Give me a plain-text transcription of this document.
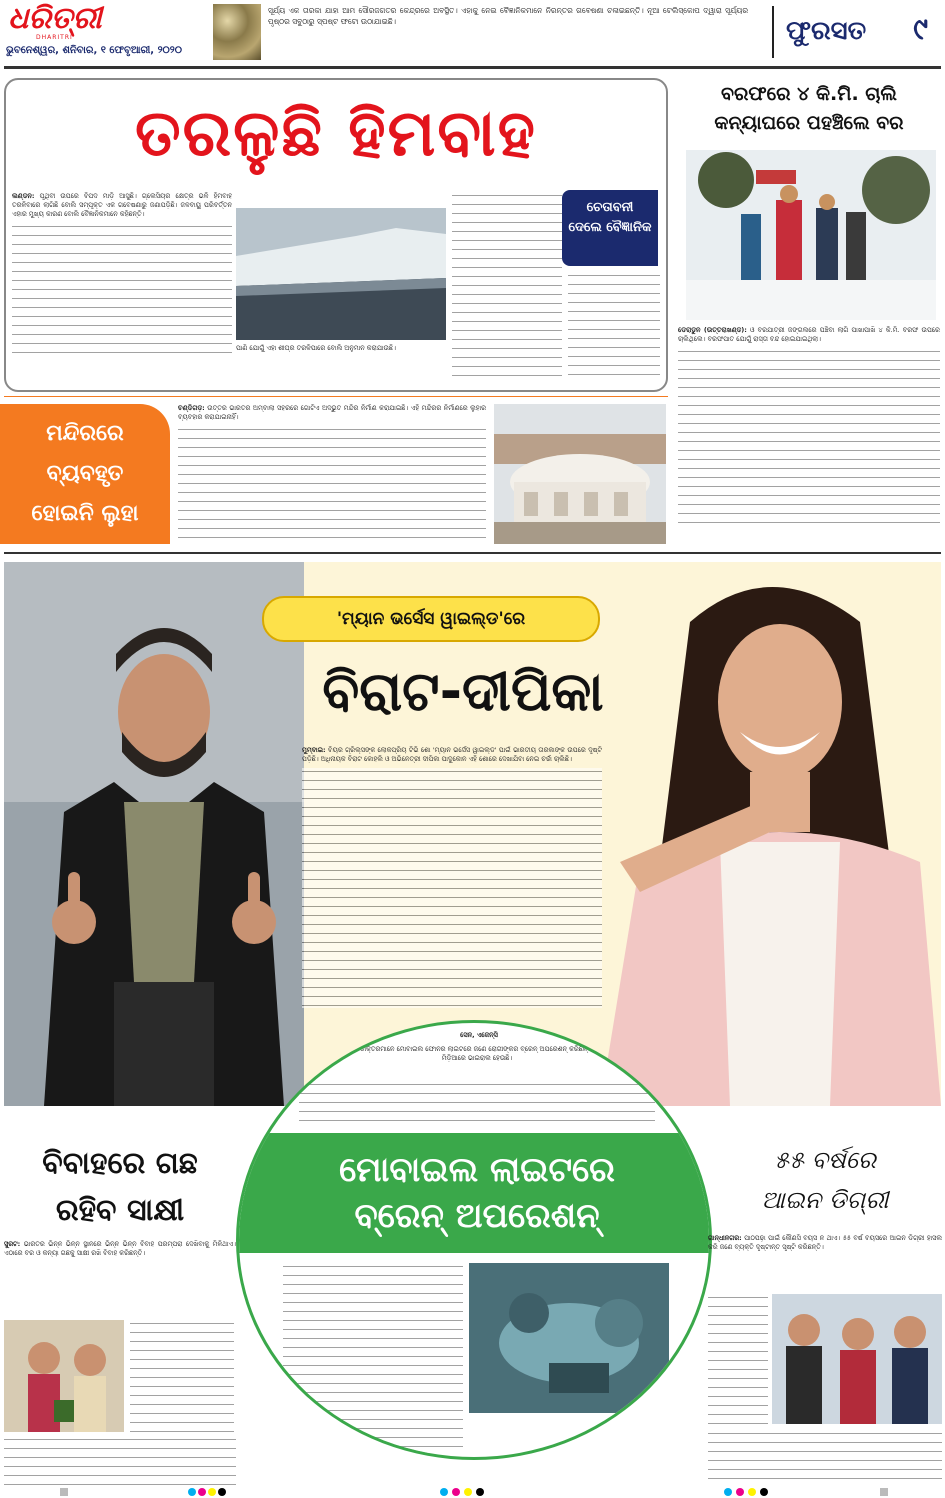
ଧରିତ୍ରୀ
DHARITRI
ଭୁବନେଶ୍ୱର, ଶନିବାର, ୧ ଫେବୃଆରୀ, ୨୦୨୦
ସୂର୍ଯ୍ୟ ଏକ ତାରକା ଯାହା ଆମ ସୌରଜଗତର କେନ୍ଦ୍ରରେ ଅବସ୍ଥିତ। ଏହାକୁ ନେଇ ବୈଜ୍ଞାନିକମାନେ ନିରନ୍ତର ଗବେଷଣା ଚଳାଇଛନ୍ତି। ନୂଆ ଟେଲିସ୍କୋପ ଦ୍ୱାରା ସୂର୍ଯ୍ୟର ପୃଷ୍ଠର ସବୁଠାରୁ ସ୍ପଷ୍ଟ ଫଟୋ ଉଠାଯାଇଛି।	ଫୁରସତ ୯
ତରଳୁଛି ହିମବାହ
ଲଣ୍ଡନ: ପୃଥିବୀ ଉପରେ ବିପଦ ମାଡ଼ି ଆସୁଛି। ଗ୍ଲେସିୟର କ୍ଷେତ୍ର ଭଳି ହିମବାହ ତରଳିବାରେ ଲାଗିଛି ବୋଲି ସମ୍ପୃକ୍ତ ଏକ ଗବେଷଣାରୁ ଜଣାପଡ଼ିଛି। ଜଳବାୟୁ ପରିବର୍ତ୍ତନ ଏହାର ମୁଖ୍ୟ କାରଣ ବୋଲି ବୈଜ୍ଞାନିକମାନେ କହିଛନ୍ତି।
ପାଣି ଯୋଗୁଁ ଏହା ଶୀଘ୍ର ତରଳିପାରେ ବୋଲି ଅନୁମାନ କରାଯାଉଛି।
ଚେତାବନୀ ଦେଲେ ବୈଜ୍ଞାନିକ
ବରଫରେ ୪ କି.ମି. ଚାଲି
କନ୍ୟାଘରେ ପହଞ୍ଚିଲେ ବର
ଡେରାଡୁନ (ଉତ୍ତରାଖଣ୍ଡ): ଓ ବରଯାତ୍ରୀ ଜଙ୍ଗଲରେ ପଞ୍ଚିବା ଲାଗି ପାଖାପାଖି ୪ କି.ମି. ବରଫ ଉପରେ ଚାଲିଥିଲେ। ବରଫପାତ ଯୋଗୁଁ ରାସ୍ତା ବନ୍ଦ ହୋଇଯାଇଥିଲା।
ମନ୍ଦିରରେ
ବ୍ୟବହୃତ
ହୋଇନି ଲୁହା
ଚଣ୍ଡିଗଡ଼: ଉତ୍ତର ଭାରତର ଅମ୍ବାଲା ସହରରେ ଗୋଟିଏ ଅଦ୍ଭୁତ ମନ୍ଦିର ନିର୍ମାଣ କରାଯାଇଛି। ଏହି ମନ୍ଦିରର ନିର୍ମାଣରେ ଲୁହାର ବ୍ୟବହାର କରାଯାଇନାହିଁ।
'ମ୍ୟାନ ଭର୍ସେସ ୱାଇଲ୍ଡ'ରେ
ବିରାଟ-ଦୀପିକା
ମୁମ୍ବାଇ: ବିୟର ଗ୍ରିଲ୍ସଙ୍କ ଲୋକପ୍ରିୟ ଟିଭି ଶୋ 'ମ୍ୟାନ ଭର୍ସେସ ୱାଇଲ୍ଡ' ପାଇଁ ଭାରତୀୟ ତାରକାଙ୍କ ଉପରେ ଦୃଷ୍ଟି ପଡ଼ିଛି। ଅଧିନାୟକ ବିରାଟ କୋହଲି ଓ ଅଭିନେତ୍ରୀ ଦୀପିକା ପାଦୁକୋନ ଏହି ଶୋରେ ଦେଖାଯିବା ନେଇ ଚର୍ଚ୍ଚା ଚାଲିଛି।
ସେନ, ଏଜେନ୍ସି
ବିଜୁଳି ଚାଲିଯିବା ପରେ ଡାକ୍ତରମାନେ ମୋବାଇଲ ଫୋନର ଲାଇଟରେ ଜଣେ ରୋଗୀଙ୍କର ବ୍ରେନ୍ ଅପରେଶନ୍ କରିଛନ୍ତି। ଏହି ଭିଡିଓ ସୋସିଆଲ ମିଡ଼ିଆରେ ଭାଇରାଲ ହେଉଛି।
ମୋବାଇଲ ଲାଇଟରେ
ବ୍ରେନ୍ ଅପରେଶନ୍
ବିବାହରେ ଗଛ
ରହିବ ସାକ୍ଷୀ
ସୁରଟ: ଭାରତର ଭିନ୍ନ ଭିନ୍ନ ସ୍ଥାନରେ ଭିନ୍ନ ଭିନ୍ନ ବିବାହ ପରମ୍ପରା ଦେଖିବାକୁ ମିଳିଥାଏ। ଏଠାରେ ବର ଓ କନ୍ୟା ଗଛକୁ ସାକ୍ଷୀ ରଖି ବିବାହ କରିଛନ୍ତି।
୫୫ ବର୍ଷରେ
ଆଇନ ଡିଗ୍ରୀ
ଗାନ୍ଧୀନଗର: ପାଠପଢ଼ା ପାଇଁ କୌଣସି ବୟସ ନ ଥାଏ। ୫୫ ବର୍ଷ ବୟସରେ ଆଇନ ଡିଗ୍ରୀ ହାସଲ କରି ଜଣେ ବ୍ୟକ୍ତି ଦୃଷ୍ଟାନ୍ତ ସୃଷ୍ଟି କରିଛନ୍ତି।
